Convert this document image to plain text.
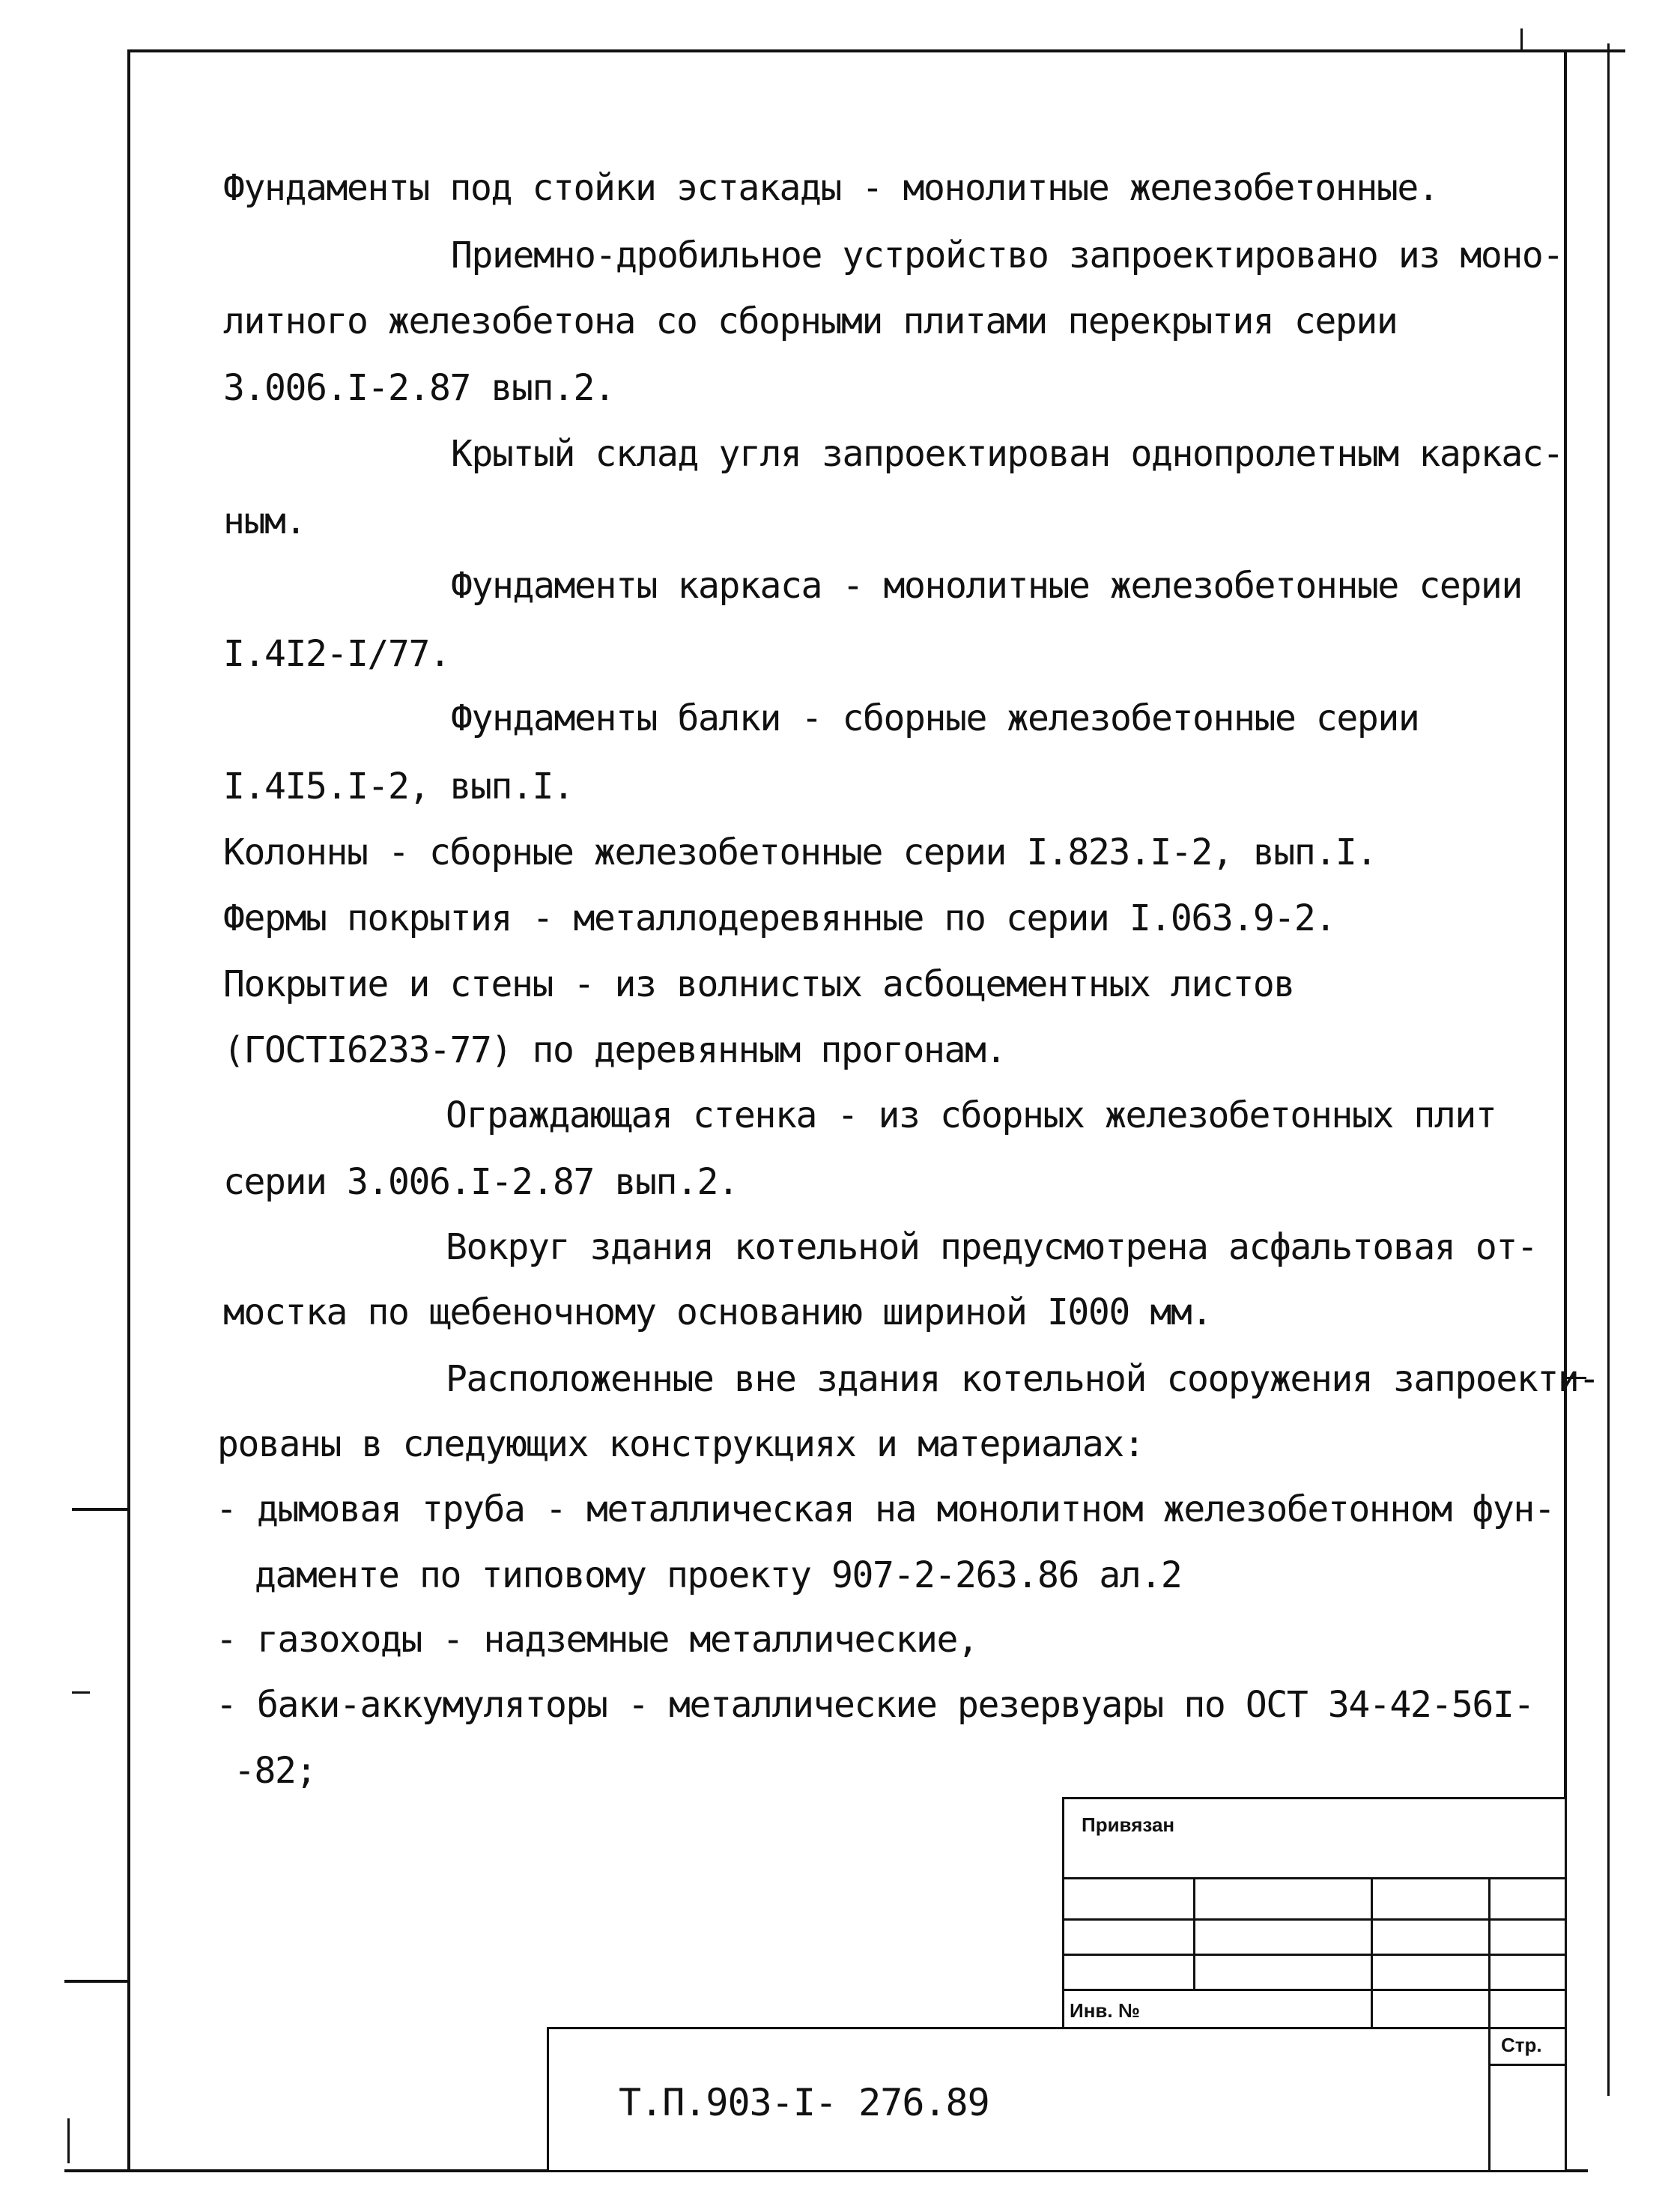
Фундаменты под стойки эстакады - монолитные железобетонные.
Приемно-дробильное устройство запроектировано из моно-
литного железобетона со сборными плитами перекрытия серии
3.006.I-2.87 вып.2.
Крытый склад угля запроектирован однопролетным каркас-
ным.
Фундаменты каркаса - монолитные железобетонные серии
I.4I2-I/77.
Фундаменты балки - сборные железобетонные серии
I.4I5.I-2, вып.I.
Колонны - сборные железобетонные серии I.823.I-2, вып.I.
Фермы покрытия - металлодеревянные по серии I.063.9-2.
Покрытие и стены - из волнистых асбоцементных листов
(ГОСТI6233-77) по деревянным прогонам.
Ограждающая стенка - из сборных железобетонных плит
серии 3.006.I-2.87 вып.2.
Вокруг здания котельной предусмотрена асфальтовая от-
мостка по щебеночному основанию шириной I000 мм.
Расположенные вне здания котельной сооружения запроекти-
рованы в следующих конструкциях и материалах:
- дымовая труба - металлическая на монолитном железобетонном фун-
даменте по типовому проекту 907-2-263.86 ал.2
- газоходы - надземные металлические,
- баки-аккумуляторы - металлические резервуары по ОСТ 34-42-56I-
-82;
Привязан
Инв. №
Т.П.903-I- 276.89
Стр.
